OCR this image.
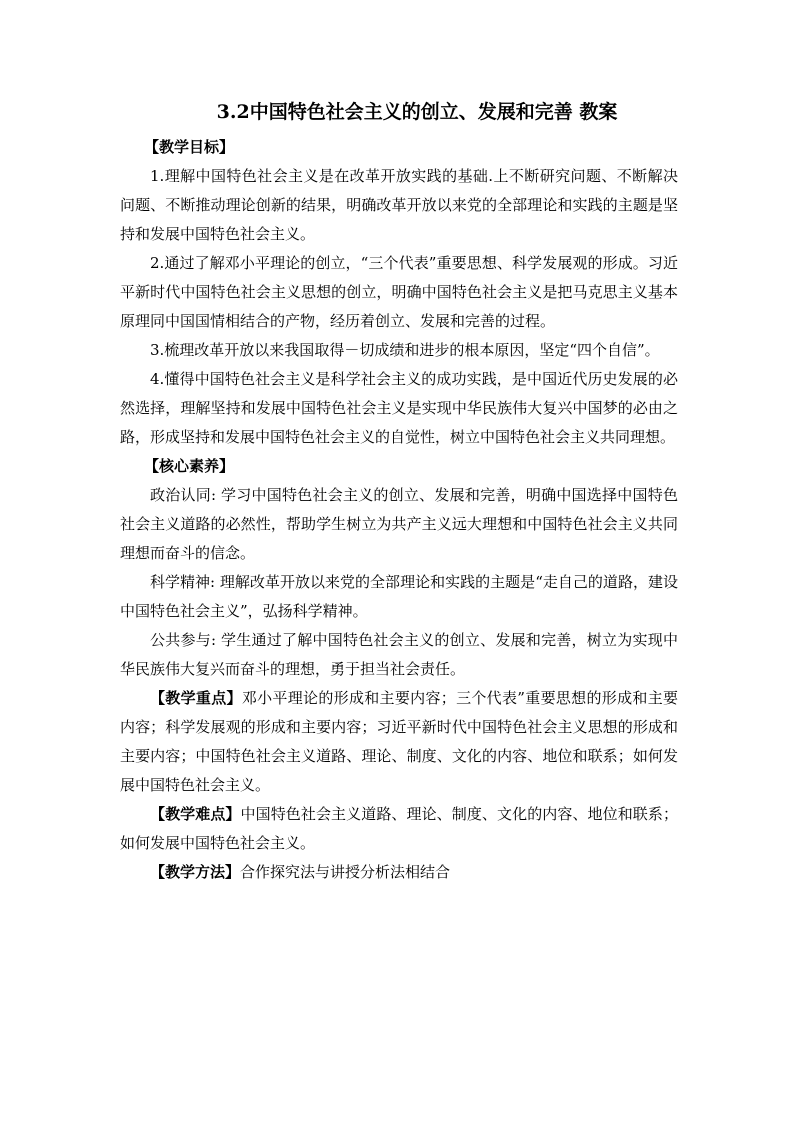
3.2中国特色社会主义的创立、发展和完善 教案

【教学目标】

1.理解中国特色社会主义是在改革开放实践的基础.上不断研究问题、不断解决问题、不断推动理论创新的结果，明确改革开放以来党的全部理论和实践的主题是坚持和发展中国特色社会主义。

2.通过了解邓小平理论的创立，“三个代表”重要思想、科学发展观的形成。习近平新时代中国特色社会主义思想的创立，明确中国特色社会主义是把马克思主义基本原理同中国国情相结合的产物，经历着创立、发展和完善的过程。

3.梳理改革开放以来我国取得－切成绩和进步的根本原因，坚定“四个自信”。

4.懂得中国特色社会主义是科学社会主义的成功实践，是中国近代历史发展的必然选择，理解坚持和发展中国特色社会主义是实现中华民族伟大复兴中国梦的必由之路，形成坚持和发展中国特色社会主义的自觉性，树立中国特色社会主义共同理想。

【核心素养】

政治认同: 学习中国特色社会主义的创立、发展和完善，明确中国选择中国特色社会主义道路的必然性，帮助学生树立为共产主义远大理想和中国特色社会主义共同理想而奋斗的信念。

科学精神: 理解改革开放以来党的全部理论和实践的主题是“走自己的道路，建设中国特色社会主义”，弘扬科学精神。

公共参与: 学生通过了解中国特色社会主义的创立、发展和完善，树立为实现中华民族伟大复兴而奋斗的理想，勇于担当社会责任。

【教学重点】邓小平理论的形成和主要内容；三个代表”重要思想的形成和主要内容；科学发展观的形成和主要内容；习近平新时代中国特色社会主义思想的形成和主要内容；中国特色社会主义道路、理论、制度、文化的内容、地位和联系；如何发展中国特色社会主义。

【教学难点】中国特色社会主义道路、理论、制度、文化的内容、地位和联系；如何发展中国特色社会主义。

【教学方法】合作探究法与讲授分析法相结合
